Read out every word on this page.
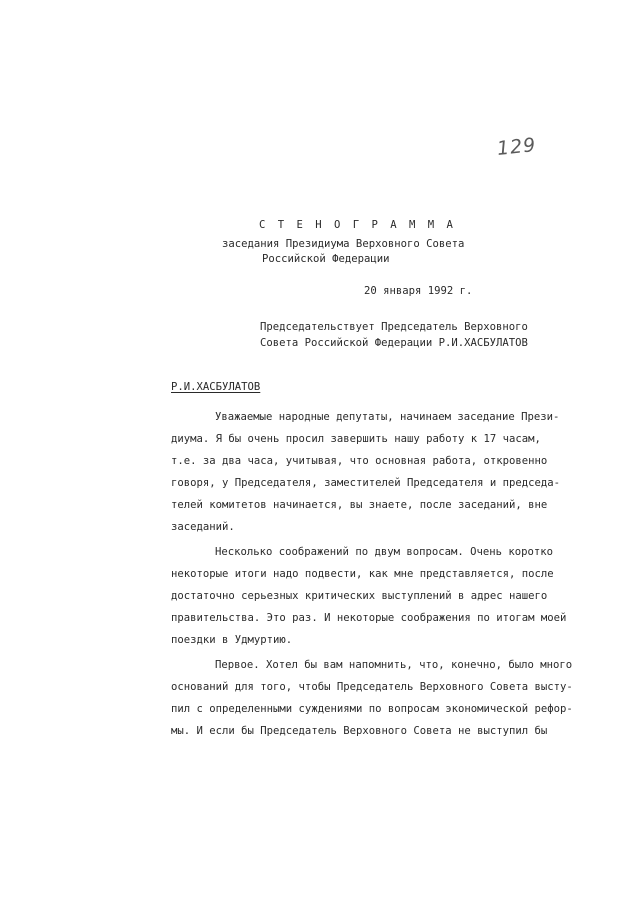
129
С Т Е Н О Г Р А М М А
заседания Президиума Верховного Совета
Российской Федерации
20 января 1992 г.
Председательствует Председатель Верховного
Совета Российской Федерации Р.И.ХАСБУЛАТОВ
Р.И.ХАСБУЛАТОВ
Уважаемые народные депутаты, начинаем заседание Прези-
диума. Я бы очень просил завершить нашу работу к 17 часам,
т.е. за два часа, учитывая, что основная работа, откровенно
говоря, у Председателя, заместителей Председателя и председа-
телей комитетов начинается, вы знаете, после заседаний, вне
заседаний.
Несколько соображений по двум вопросам. Очень коротко
некоторые итоги надо подвести, как мне представляется, после
достаточно серьезных критических выступлений в адрес нашего
правительства. Это раз. И некоторые соображения по итогам моей
поездки в Удмуртию.
Первое. Хотел бы вам напомнить, что, конечно, было много
оснований для того, чтобы Председатель Верховного Совета высту-
пил с определенными суждениями по вопросам экономической рефор-
мы. И если бы Председатель Верховного Совета не выступил бы
